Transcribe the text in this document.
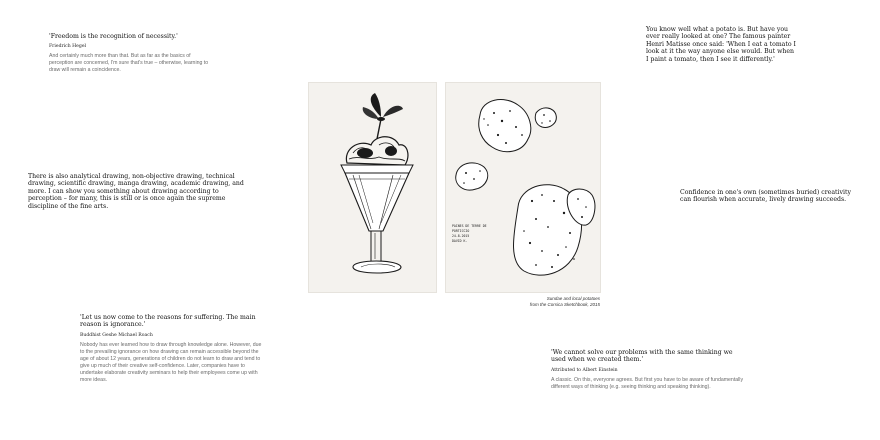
'Freedom is the recognition of necessity.'
Friedrich Hegel
And certainly much more than that. But as far as the basics of perception are concerned, I'm sure that's true – otherwise, learning to draw will remain a coincidence.
You know well what a potato is. But have you ever really looked at one? The famous painter Henri Matisse once said: 'When I eat a tomato I look at it the way anyone else would. But when I paint a tomato, then I see it differently.'
There is also analytical drawing, non-objective drawing, technical drawing, scientific drawing, manga drawing, academic drawing, and more. I can show you something about drawing according to perception – for many, this is still or is once again the supreme discipline of the fine arts.
Confidence in one's own (sometimes buried) creativity can flourish when accurate, lively drawing succeeds.
PAINES DE TERRE DE
PORTICCIO
24-8-2015
DAVID K.
Sundae and local potatoes
from the Corsica Sketchbook, 2015
'Let us now come to the reasons for suffering. The main reason is ignorance.'
Buddhist Geshe Michael Roach
Nobody has ever learned how to draw through knowledge alone. However, due to the prevailing ignorance on how drawing can remain accessible beyond the age of about 12 years, generations of children do not learn to draw and tend to give up much of their creative self-confidence. Later, companies have to undertake elaborate creativity seminars to help their employees come up with more ideas.
'We cannot solve our problems with the same thinking we used when we created them.'
Attributed to Albert Einstein
A classic. On this, everyone agrees. But first you have to be aware of fundamentally different ways of thinking (e.g. seeing thinking and speaking thinking).
